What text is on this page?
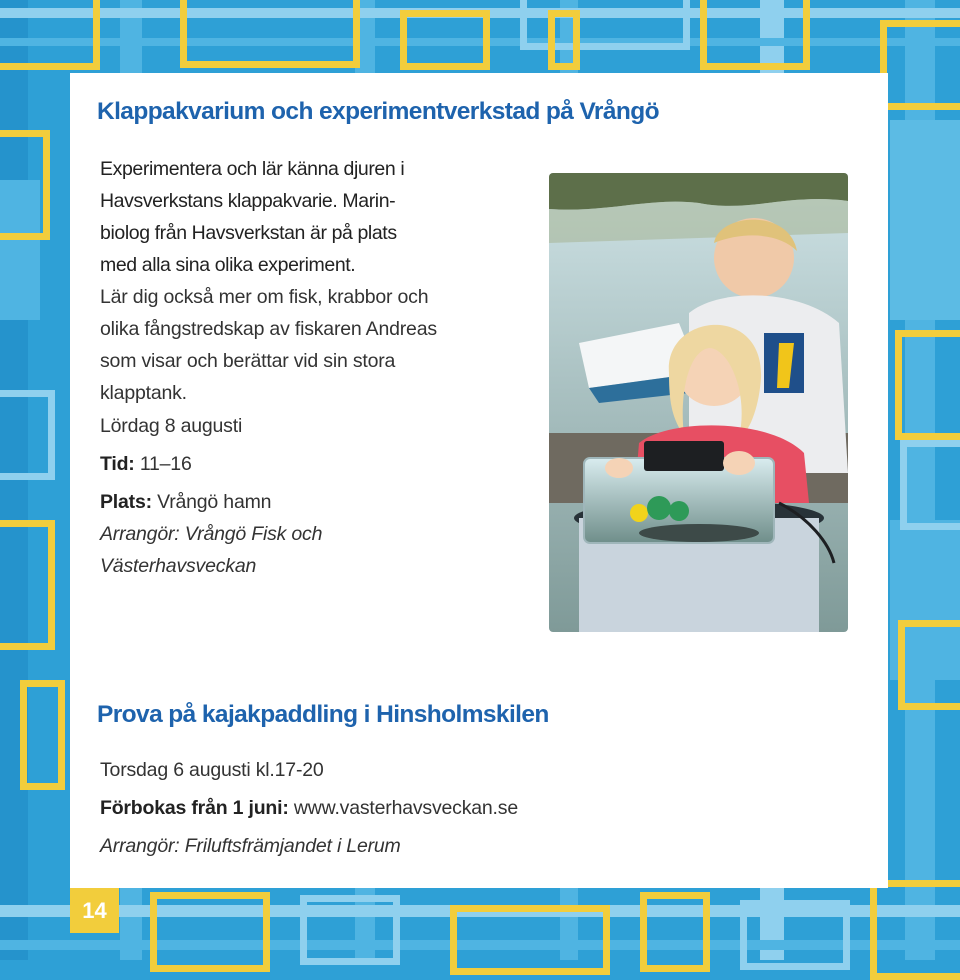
Klappakvarium och experimentverkstad på Vrångö

Experimentera och lär känna djuren i

Havsverkstans klappakvarie. Marin-

biolog från Havsverkstan är på plats

med alla sina olika experiment.

Lär dig också mer om fisk, krabbor och

olika fångstredskap av fiskaren Andreas

som visar och berättar vid sin stora

klapptank.

Lördag 8 augusti

Tid: 11–16

Plats: Vrångö hamn

Arrangör: Vrångö Fisk och

Västerhavsveckan

Prova på kajakpaddling i Hinsholmskilen

Torsdag 6 augusti kl.17-20

Förbokas från 1 juni: www.vasterhavsveckan.se

Arrangör: Friluftsfrämjandet i Lerum

14
